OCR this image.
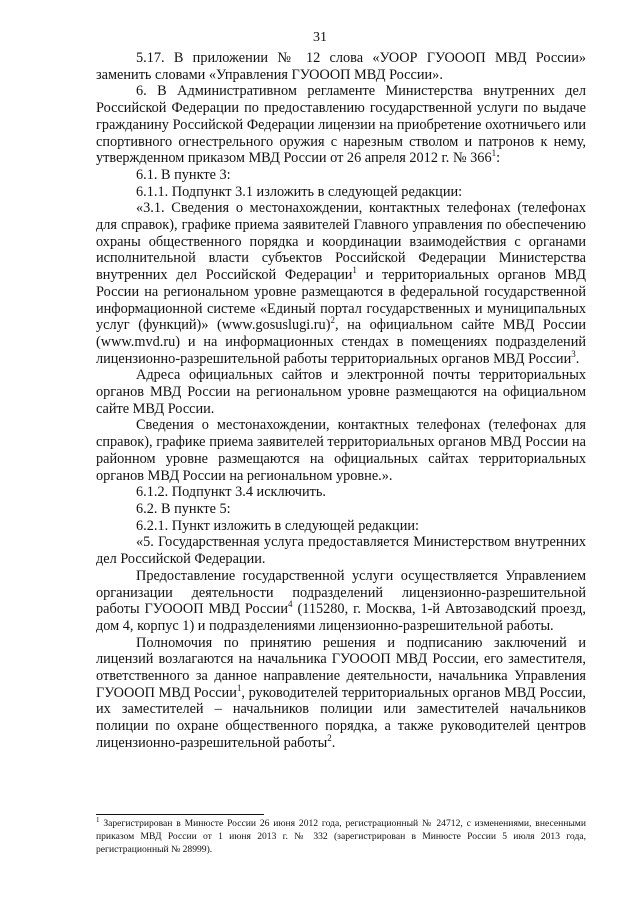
31

5.17. В приложении № 12 слова «УООР ГУОООП МВД России» заменить словами «Управления ГУОООП МВД России».

6. В Административном регламенте Министерства внутренних дел Российской Федерации по предоставлению государственной услуги по выдаче гражданину Российской Федерации лицензии на приобретение охотничьего или спортивного огнестрельного оружия с нарезным стволом и патронов к нему, утвержденном приказом МВД России от 26 апреля 2012 г. № $366^1$:

6.1. В пункте 3:

6.1.1. Подпункт 3.1 изложить в следующей редакции:

«3.1. Сведения о местонахождении, контактных телефонах (телефонах для справок), графике приема заявителей Главного управления по обеспечению охраны общественного порядка и координации взаимодействия с органами исполнительной власти субъектов Российской Федерации Министерства внутренних дел Российской Федерации$^1$ и территориальных органов МВД России на региональном уровне размещаются в федеральной государственной информационной системе «Единый портал государственных и муниципальных услуг (функций)» (www.gosuslugi.ru)$^2$, на официальном сайте МВД России (www.mvd.ru) и на информационных стендах в помещениях подразделений лицензионно-разрешительной работы территориальных органов МВД России$^3$.

Адреса официальных сайтов и электронной почты территориальных органов МВД России на региональном уровне размещаются на официальном сайте МВД России.

Сведения о местонахождении, контактных телефонах (телефонах для справок), графике приема заявителей территориальных органов МВД России на районном уровне размещаются на официальных сайтах территориальных органов МВД России на региональном уровне.».

6.1.2. Подпункт 3.4 исключить.

6.2. В пункте 5:

6.2.1. Пункт изложить в следующей редакции:

«5. Государственная услуга предоставляется Министерством внутренних дел Российской Федерации.

Предоставление государственной услуги осуществляется Управлением организации деятельности подразделений лицензионно-разрешительной работы ГУОООП МВД России$^4$ (115280, г. Москва, 1-й Автозаводский проезд, дом 4, корпус 1) и подразделениями лицензионно-разрешительной работы.

Полномочия по принятию решения и подписанию заключений и лицензий возлагаются на начальника ГУОООП МВД России, его заместителя, ответственного за данное направление деятельности, начальника Управления ГУОООП МВД России$^1$, руководителей территориальных органов МВД России, их заместителей – начальников полиции или заместителей начальников полиции по охране общественного порядка, а также руководителей центров лицензионно-разрешительной работы$^2$.

$^1$ Зарегистрирован в Минюсте России 26 июня 2012 года, регистрационный № 24712, с изменениями, внесенными приказом МВД России от 1 июня 2013 г. № 332 (зарегистрирован в Минюсте России 5 июля 2013 года, регистрационный № 28999).
